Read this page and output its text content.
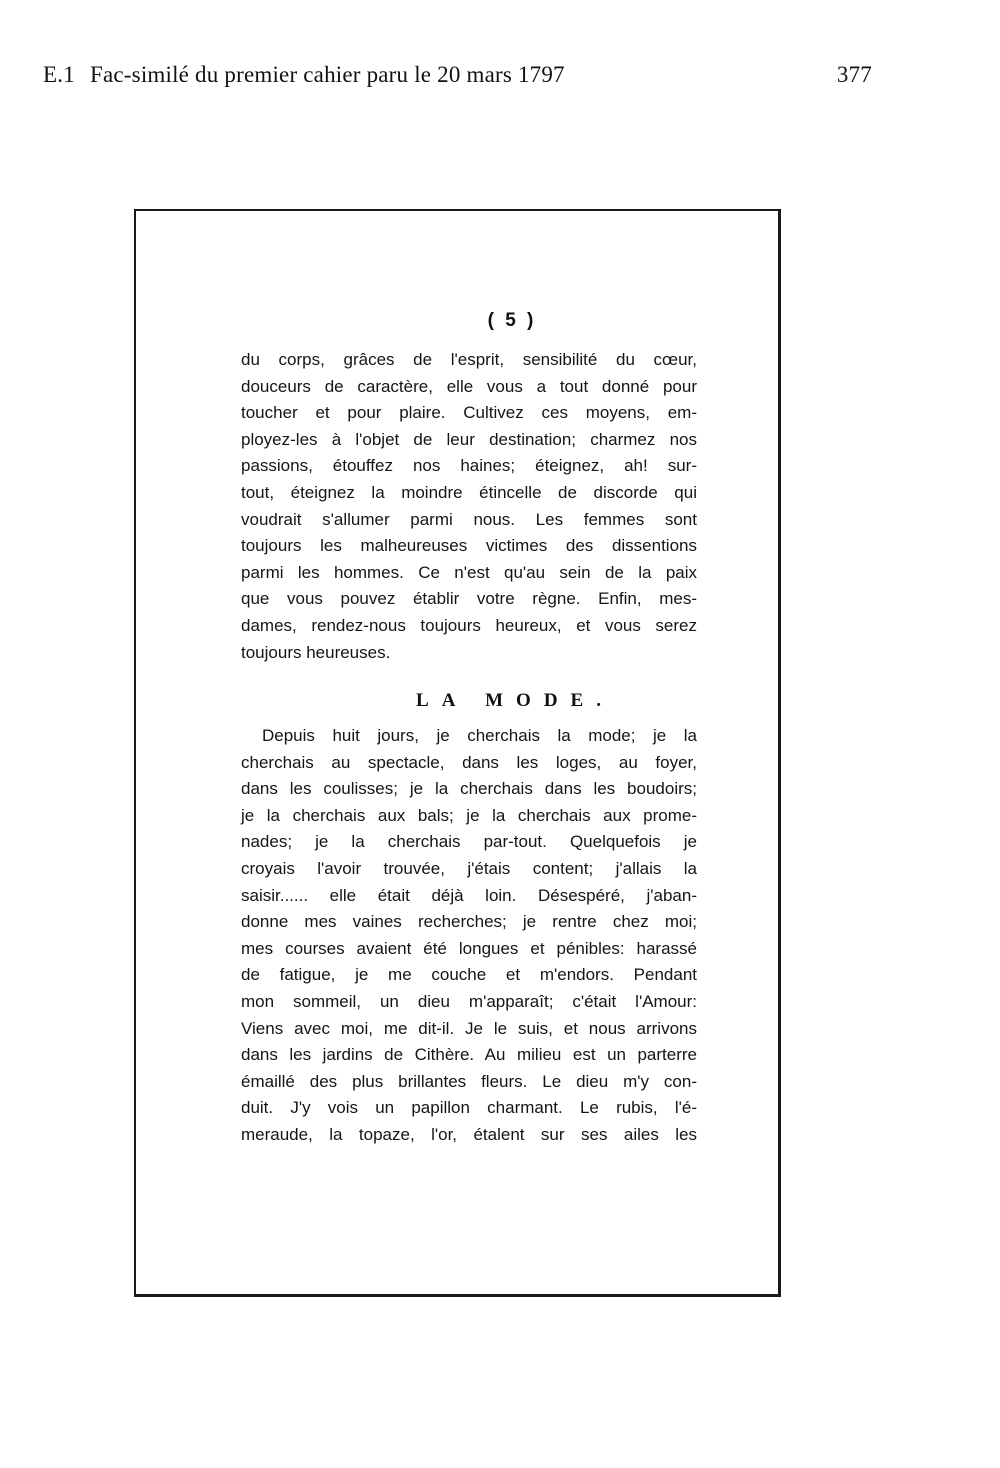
E.1 Fac-similé du premier cahier paru le 20 mars 1797	377
( 5 )
du corps, grâces de l'esprit, sensibilité du cœur,
douceurs de caractère, elle vous a tout donné pour
toucher et pour plaire. Cultivez ces moyens, em-
ployez-les à l'objet de leur destination; charmez nos
passions, étouffez nos haines; éteignez, ah! sur-
tout, éteignez la moindre étincelle de discorde qui
voudrait s'allumer parmi nous. Les femmes sont
toujours les malheureuses victimes des dissentions
parmi les hommes. Ce n'est qu'au sein de la paix
que vous pouvez établir votre règne. Enfin, mes-
dames, rendez-nous toujours heureux, et vous serez
toujours heureuses.
LA MODE.
Depuis huit jours, je cherchais la mode; je la
cherchais au spectacle, dans les loges, au foyer,
dans les coulisses; je la cherchais dans les boudoirs;
je la cherchais aux bals; je la cherchais aux prome-
nades; je la cherchais par-tout. Quelquefois je
croyais l'avoir trouvée, j'étais content; j'allais la
saisir...... elle était déjà loin. Désespéré, j'aban-
donne mes vaines recherches; je rentre chez moi;
mes courses avaient été longues et pénibles: harassé
de fatigue, je me couche et m'endors. Pendant
mon sommeil, un dieu m'apparaît; c'était l'Amour:
Viens avec moi, me dit-il. Je le suis, et nous arrivons
dans les jardins de Cithère. Au milieu est un parterre
émaillé des plus brillantes fleurs. Le dieu m'y con-
duit. J'y vois un papillon charmant. Le rubis, l'é-
meraude, la topaze, l'or, étalent sur ses ailes les
